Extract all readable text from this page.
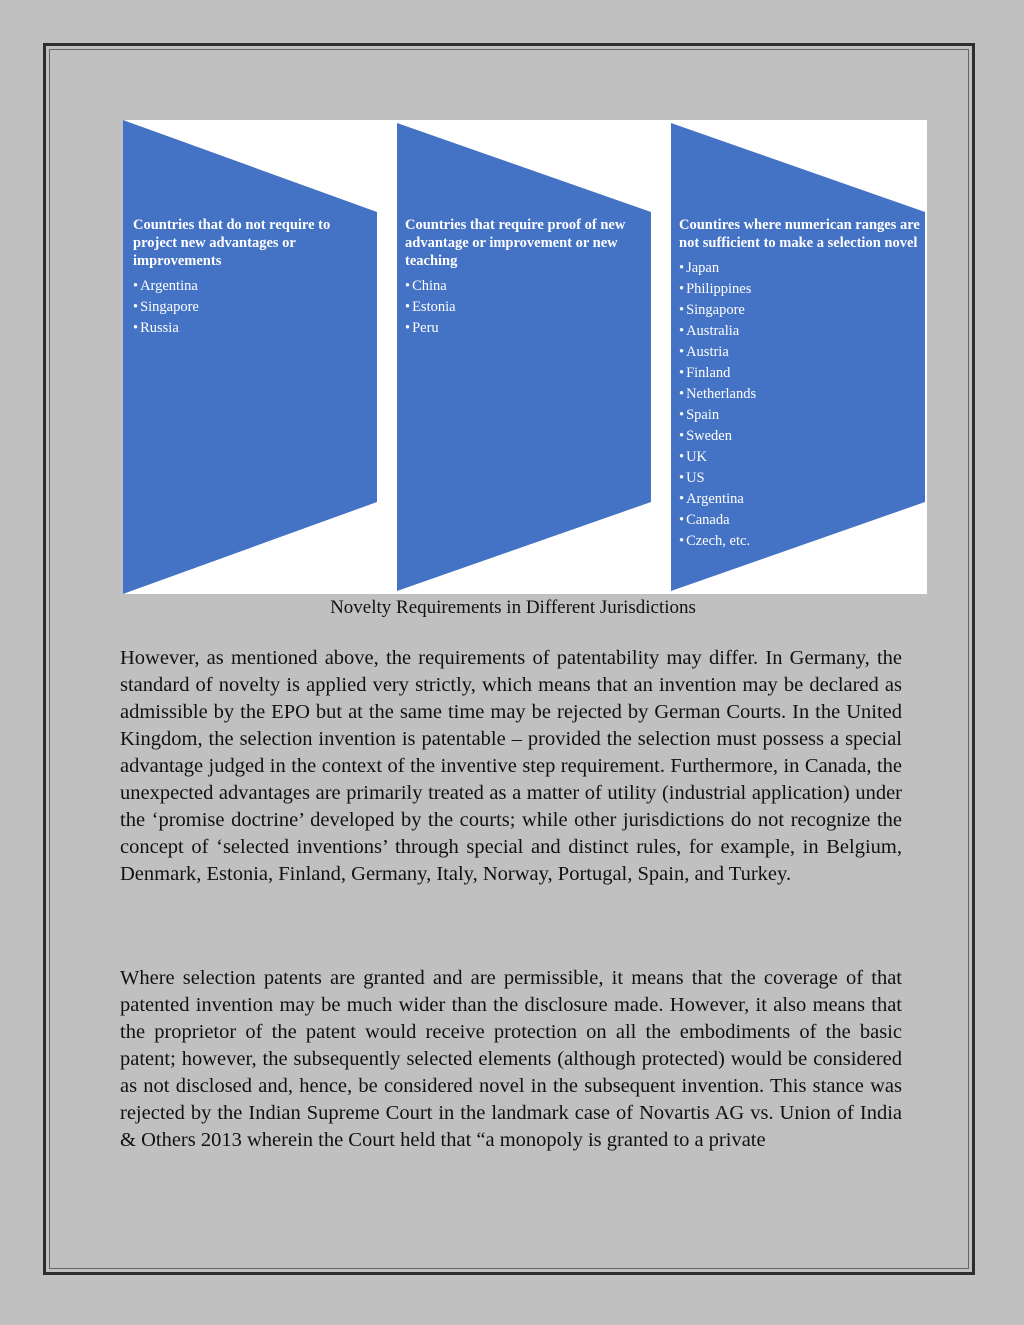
Countries that do not require to project new advantages or improvements

• Argentina
• Singapore
• Russia

Countries that require proof of new advantage or improvement or new teaching

• China
• Estonia
• Peru

Countires where numerican ranges are not sufficient to make a selection novel

• Japan
• Philippines
• Singapore
• Australia
• Austria
• Finland
• Netherlands
• Spain
• Sweden
• UK
• US
• Argentina
• Canada
• Czech, etc.

Novelty Requirements in Different Jurisdictions

However, as mentioned above, the requirements of patentability may differ. In Germany, the standard of novelty is applied very strictly, which means that an invention may be declared as admissible by the EPO but at the same time may be rejected by German Courts. In the United Kingdom, the selection invention is patentable – provided the selection must possess a special advantage judged in the context of the inventive step requirement. Furthermore, in Canada, the unexpected advantages are primarily treated as a matter of utility (industrial application) under the ‘promise doctrine’ developed by the courts; while other jurisdictions do not recognize the concept of ‘selected inventions’ through special and distinct rules, for example, in Belgium, Denmark, Estonia, Finland, Germany, Italy, Norway, Portugal, Spain, and Turkey.

Where selection patents are granted and are permissible, it means that the coverage of that patented invention may be much wider than the disclosure made. However, it also means that the proprietor of the patent would receive protection on all the embodiments of the basic patent; however, the subsequently selected elements (although protected) would be considered as not disclosed and, hence, be considered novel in the subsequent invention. This stance was rejected by the Indian Supreme Court in the landmark case of Novartis AG vs. Union of India & Others 2013 wherein the Court held that “a monopoly is granted to a private
